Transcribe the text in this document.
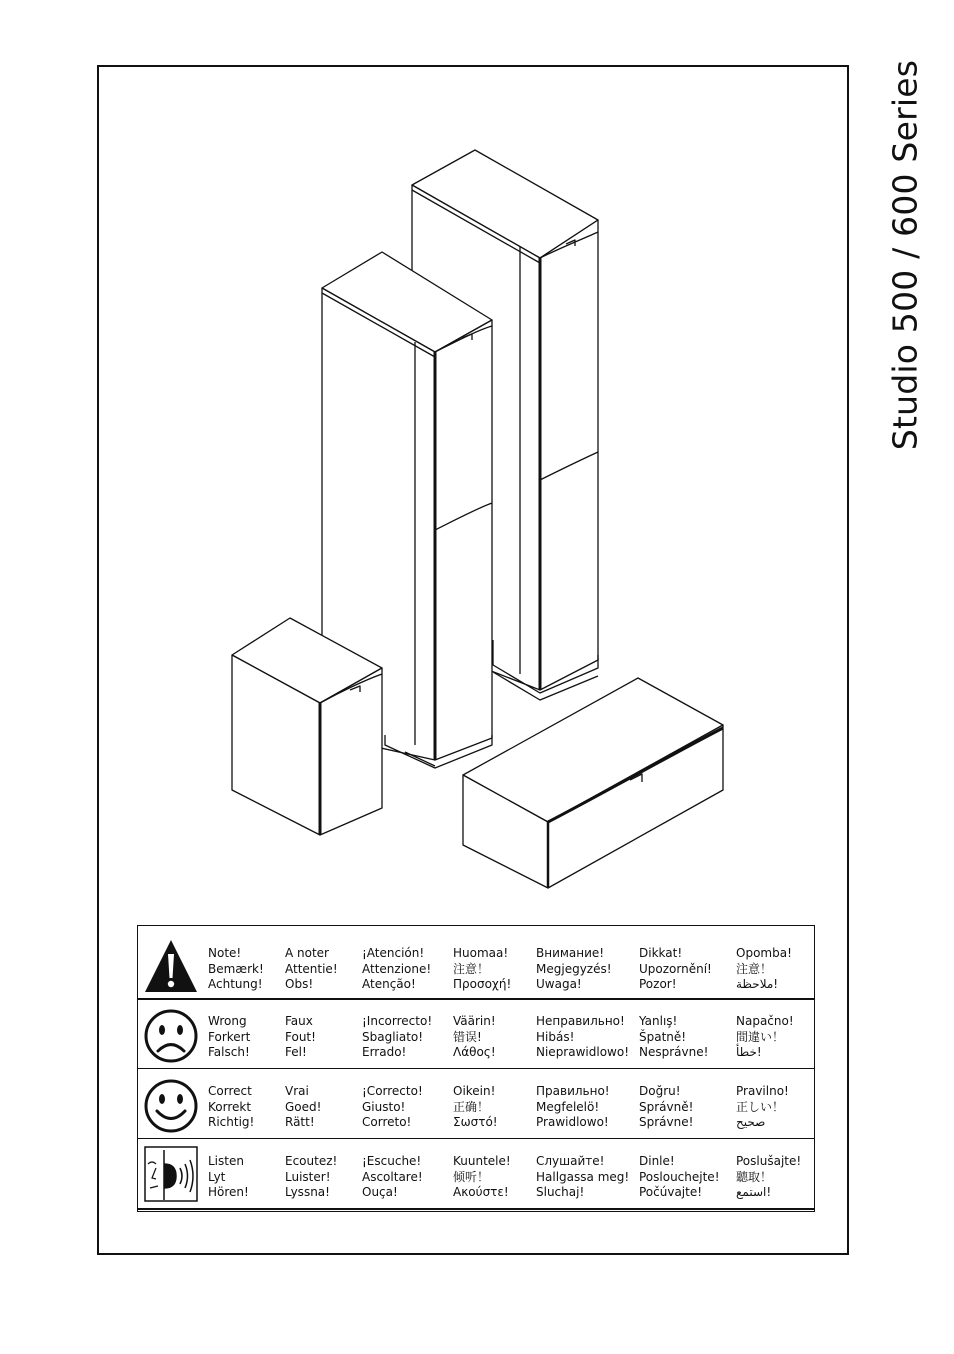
Studio 500 / 600 Series
Note!
Bemærk!
Achtung!
A noter
Attentie!
Obs!
¡Atención!
Attenzione!
Atenção!
Huomaa!
注意！
Προσοχή!
Внимание!
Megjegyzés!
Uwaga!
Dikkat!
Upozornění!
Pozor!
Opomba!
注意！
ملاحظة!
Wrong
Forkert
Falsch!
Faux
Fout!
Fel!
¡Incorrecto!
Sbagliato!
Errado!
Väärin!
错误!
Λάθος!
Неправильно!
Hibás!
Nieprawidlowo!
Yanlış!
Špatně!
Nesprávne!
Napačno!
間違い！
خطأ!
Correct
Korrekt
Richtig!
Vrai
Goed!
Rätt!
¡Correcto!
Giusto!
Correto!
Oikein!
正确！
Σωστό!
Правильно!
Megfelelö!
Prawidlowo!
Doğru!
Správně!
Správne!
Pravilno!
正しい！
صحيح
Listen
Lyt
Hören!
Ecoutez!
Luister!
Lyssna!
¡Escuche!
Ascoltare!
Ouça!
Kuuntele!
倾听！
Ακούστε!
Слушайте!
Hallgassa meg!
Sluchaj!
Dinle!
Poslouchejte!
Počúvajte!
Poslušajte!
聽取！
استمع!
